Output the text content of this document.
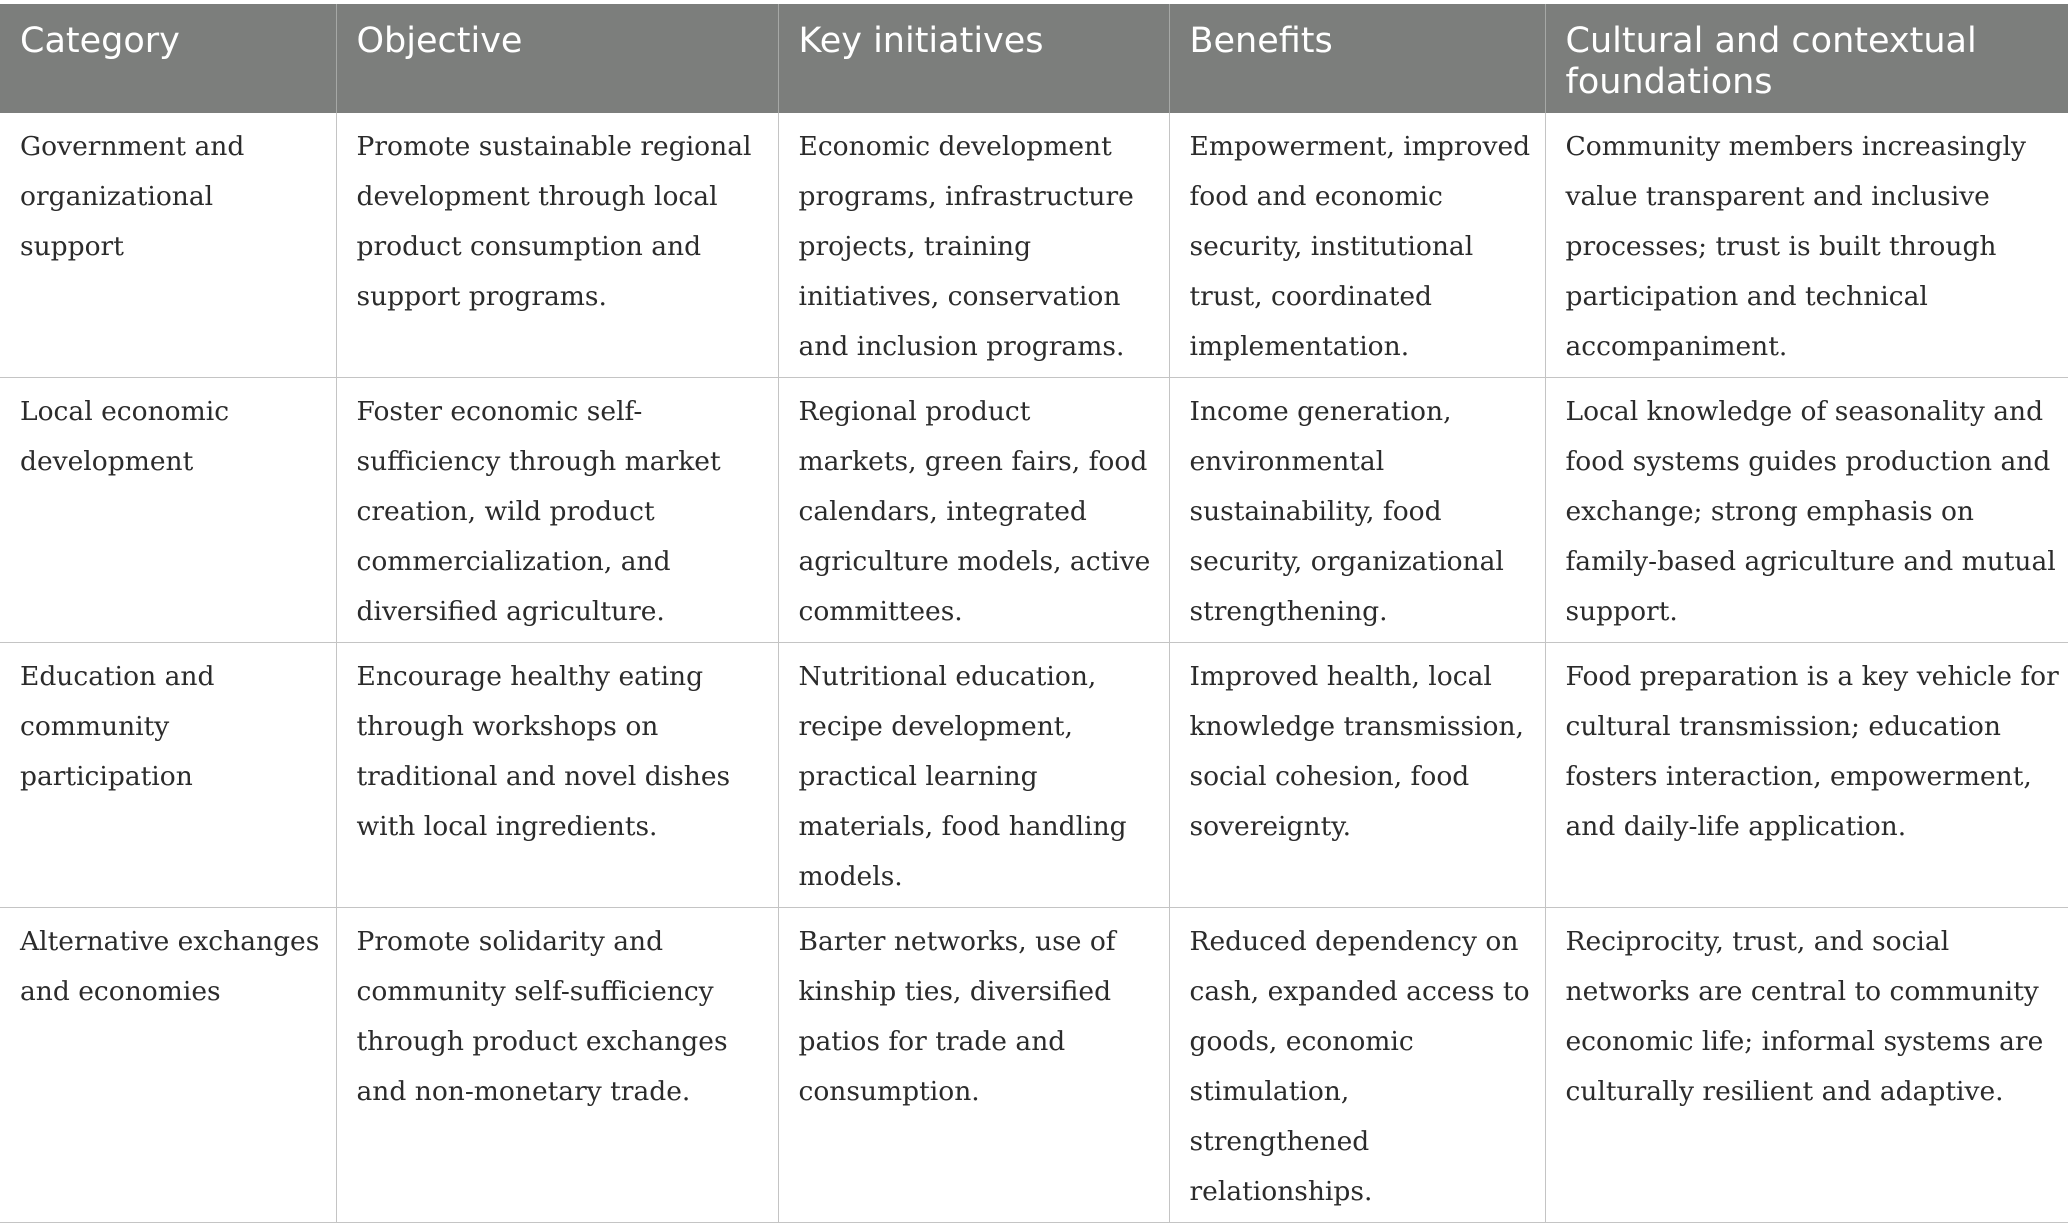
Category	Objective	Key initiatives	Benefits	Cultural and contextual foundations
Government and organizational support	Promote sustainable regional development through local product consumption and support programs.	Economic development programs, infrastructure projects, training initiatives, conservation and inclusion programs.	Empowerment, improved food and economic security, institutional trust, coordinated implementation.	Community members increasingly value transparent and inclusive processes; trust is built through participation and technical accompaniment.
Local economic development	Foster economic self-sufficiency through market creation, wild product commercialization, and diversified agriculture.	Regional product markets, green fairs, food calendars, integrated agriculture models, active committees.	Income generation, environmental sustainability, food security, organizational strengthening.	Local knowledge of seasonality and food systems guides production and exchange; strong emphasis on family-based agriculture and mutual support.
Education and community participation	Encourage healthy eating through workshops on traditional and novel dishes with local ingredients.	Nutritional education, recipe development, practical learning materials, food handling models.	Improved health, local knowledge transmission, social cohesion, food sovereignty.	Food preparation is a key vehicle for cultural transmission; education fosters interaction, empowerment, and daily-life application.
Alternative exchanges and economies	Promote solidarity and community self-sufficiency through product exchanges and non-monetary trade.	Barter networks, use of kinship ties, diversified patios for trade and consumption.	Reduced dependency on cash, expanded access to goods, economic stimulation, strengthened relationships.	Reciprocity, trust, and social networks are central to community economic life; informal systems are culturally resilient and adaptive.
